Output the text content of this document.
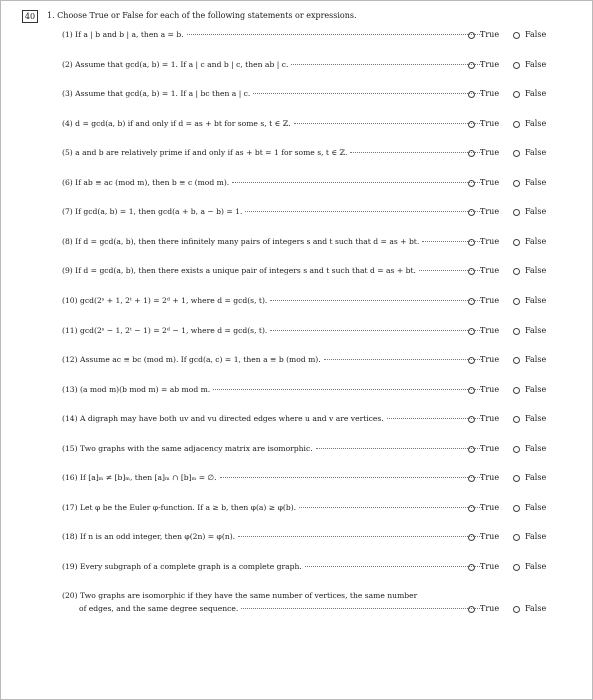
40	1. Choose True or False for each of the following statements or expressions.
(1) If a | b and b | a, then a = b.	True	False
(2) Assume that gcd(a, b) = 1. If a | c and b | c, then ab | c.	True	False
(3) Assume that gcd(a, b) = 1. If a | bc then a | c.	True	False
(4) d = gcd(a, b) if and only if d = as + bt for some s, t ∈ ℤ.	True	False
(5) a and b are relatively prime if and only if as + bt = 1 for some s, t ∈ ℤ.	True	False
(6) If ab ≡ ac (mod m), then b ≡ c (mod m).	True	False
(7) If gcd(a, b) = 1, then gcd(a + b, a − b) = 1.	True	False
(8) If d = gcd(a, b), then there infinitely many pairs of integers s and t such that d = as + bt.	True	False
(9) If d = gcd(a, b), then there exists a unique pair of integers s and t such that d = as + bt.	True	False
(10) gcd(2ˢ + 1, 2ᵗ + 1) = 2ᵈ + 1, where d = gcd(s, t).	True	False
(11) gcd(2ˢ − 1, 2ᵗ − 1) = 2ᵈ − 1, where d = gcd(s, t).	True	False
(12) Assume ac ≡ bc (mod m). If gcd(a, c) = 1, then a ≡ b (mod m).	True	False
(13) (a mod m)(b mod m) = ab mod m.	True	False
(14) A digraph may have both uv and vu directed edges where u and v are vertices.	True	False
(15) Two graphs with the same adjacency matrix are isomorphic.	True	False
(16) If [a]ₘ ≠ [b]ₘ, then [a]ₘ ∩ [b]ₘ = ∅.	True	False
(17) Let φ be the Euler φ-function. If a ≥ b, then φ(a) ≥ φ(b).	True	False
(18) If n is an odd integer, then φ(2n) = φ(n).	True	False
(19) Every subgraph of a complete graph is a complete graph.	True	False
(20) Two graphs are isomorphic if they have the same number of vertices, the same number
of edges, and the same degree sequence.	True	False
